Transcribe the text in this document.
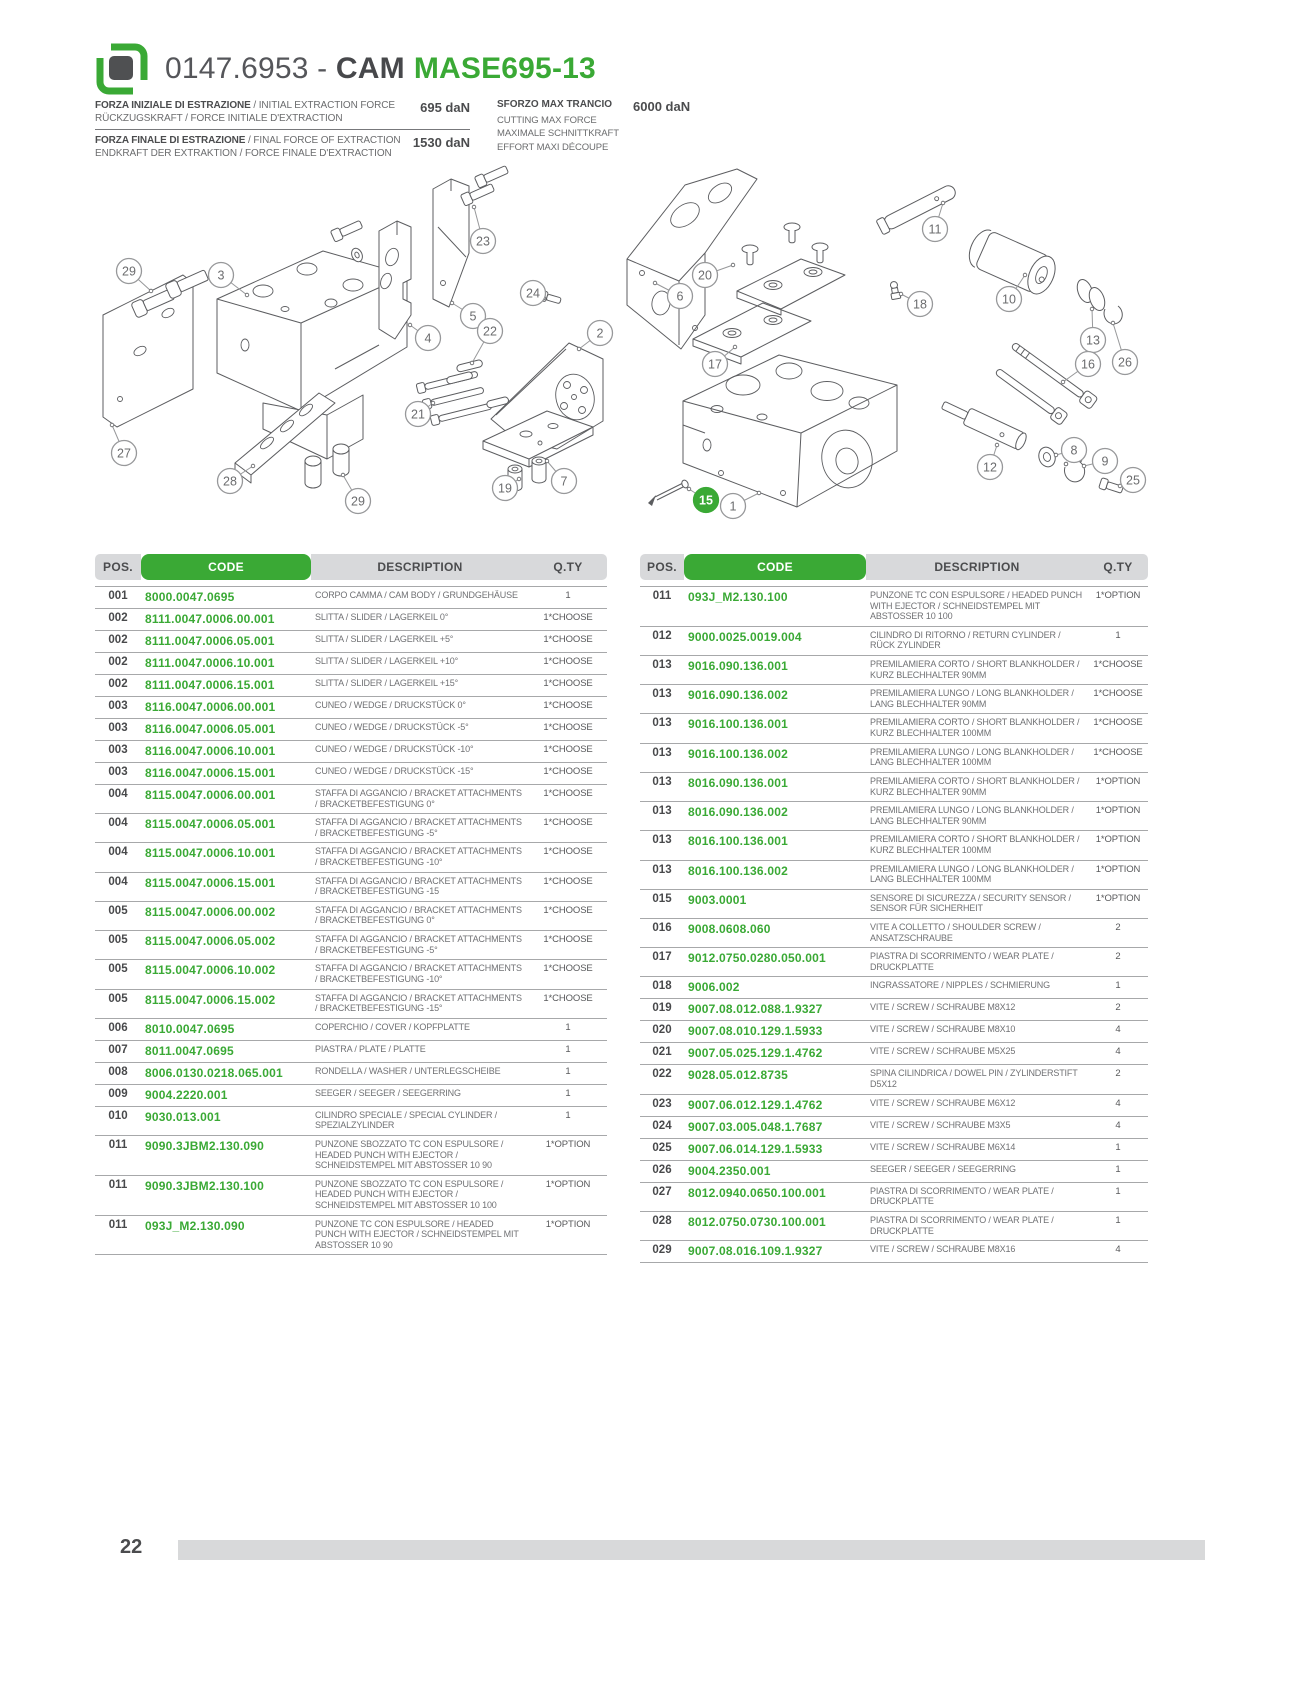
0147.6953 - CAM MASE695-13

FORZA INIZIALE DI ESTRAZIONE / INITIAL EXTRACTION FORCE

RÜCKZUGSKRAFT / FORCE INITIALE D'EXTRACTION

695 daN

FORZA FINALE DI ESTRAZIONE / FINAL FORCE OF EXTRACTION

ENDKRAFT DER EXTRAKTION / FORCE FINALE D'EXTRACTION

1530 daN
SFORZO MAX TRANCIO	6000 daN

CUTTING MAX FORCE

MAXIMALE SCHNITTKRAFT

EFFORT MAXI DÉCOUPE

29	3
23
24
5
22
4
21
2
27
28
29
19	7
6
20
17
18
11
10
13
16 26
12
8
9
25
15 1
POS.	CODE	DESCRIPTION	Q.TY

001	8000.0047.0695	CORPO CAMMA / CAM BODY / GRUNDGEHÄUSE	1
002	8111.0047.0006.00.001	SLITTA / SLIDER / LAGERKEIL 0°	1*CHOOSE
002	8111.0047.0006.05.001	SLITTA / SLIDER / LAGERKEIL +5°	1*CHOOSE
002	8111.0047.0006.10.001	SLITTA / SLIDER / LAGERKEIL +10°	1*CHOOSE
002	8111.0047.0006.15.001	SLITTA / SLIDER / LAGERKEIL +15°	1*CHOOSE
003	8116.0047.0006.00.001	CUNEO / WEDGE / DRUCKSTÜCK 0°	1*CHOOSE
003	8116.0047.0006.05.001	CUNEO / WEDGE / DRUCKSTÜCK -5°	1*CHOOSE
003	8116.0047.0006.10.001	CUNEO / WEDGE / DRUCKSTÜCK -10°	1*CHOOSE
003	8116.0047.0006.15.001	CUNEO / WEDGE / DRUCKSTÜCK -15°	1*CHOOSE
004	8115.0047.0006.00.001	STAFFA DI AGGANCIO / BRACKET ATTACHMENTS / BRACKETBEFESTIGUNG 0°	1*CHOOSE
004	8115.0047.0006.05.001	STAFFA DI AGGANCIO / BRACKET ATTACHMENTS / BRACKETBEFESTIGUNG -5°	1*CHOOSE
004	8115.0047.0006.10.001	STAFFA DI AGGANCIO / BRACKET ATTACHMENTS / BRACKETBEFESTIGUNG -10°	1*CHOOSE
004	8115.0047.0006.15.001	STAFFA DI AGGANCIO / BRACKET ATTACHMENTS / BRACKETBEFESTIGUNG -15	1*CHOOSE
005	8115.0047.0006.00.002	STAFFA DI AGGANCIO / BRACKET ATTACHMENTS / BRACKETBEFESTIGUNG 0°	1*CHOOSE
005	8115.0047.0006.05.002	STAFFA DI AGGANCIO / BRACKET ATTACHMENTS / BRACKETBEFESTIGUNG -5°	1*CHOOSE
005	8115.0047.0006.10.002	STAFFA DI AGGANCIO / BRACKET ATTACHMENTS / BRACKETBEFESTIGUNG -10°	1*CHOOSE
005	8115.0047.0006.15.002	STAFFA DI AGGANCIO / BRACKET ATTACHMENTS / BRACKETBEFESTIGUNG -15°	1*CHOOSE
006	8010.0047.0695	COPERCHIO / COVER / KOPFPLATTE	1
007	8011.0047.0695	PIASTRA / PLATE / PLATTE	1
008	8006.0130.0218.065.001	RONDELLA / WASHER / UNTERLEGSCHEIBE	1
009	9004.2220.001	SEEGER / SEEGER / SEEGERRING	1
010	9030.013.001	CILINDRO SPECIALE / SPECIAL CYLINDER / SPEZIALZYLINDER	1
011	9090.3JBM2.130.090	PUNZONE SBOZZATO TC CON ESPULSORE / HEADED PUNCH WITH EJECTOR / SCHNEIDSTEMPEL MIT ABSTOSSER 10 90	1*OPTION
011	9090.3JBM2.130.100	PUNZONE SBOZZATO TC CON ESPULSORE / HEADED PUNCH WITH EJECTOR / SCHNEIDSTEMPEL MIT ABSTOSSER 10 100	1*OPTION
011	093J_M2.130.090	PUNZONE TC CON ESPULSORE / HEADED PUNCH WITH EJECTOR / SCHNEIDSTEMPEL MIT ABSTOSSER 10 90	1*OPTION
POS.	CODE	DESCRIPTION	Q.TY

011	093J_M2.130.100	PUNZONE TC CON ESPULSORE / HEADED PUNCH WITH EJECTOR / SCHNEIDSTEMPEL MIT ABSTOSSER 10 100	1*OPTION
012	9000.0025.0019.004	CILINDRO DI RITORNO / RETURN CYLINDER / RÜCK ZYLINDER	1
013	9016.090.136.001	PREMILAMIERA CORTO / SHORT BLANKHOLDER / KURZ BLECHHALTER 90MM	1*CHOOSE
013	9016.090.136.002	PREMILAMIERA LUNGO / LONG BLANKHOLDER / LANG BLECHHALTER 90MM	1*CHOOSE
013	9016.100.136.001	PREMILAMIERA CORTO / SHORT BLANKHOLDER / KURZ BLECHHALTER 100MM	1*CHOOSE
013	9016.100.136.002	PREMILAMIERA LUNGO / LONG BLANKHOLDER / LANG BLECHHALTER 100MM	1*CHOOSE
013	8016.090.136.001	PREMILAMIERA CORTO / SHORT BLANKHOLDER / KURZ BLECHHALTER 90MM	1*OPTION
013	8016.090.136.002	PREMILAMIERA LUNGO / LONG BLANKHOLDER / LANG BLECHHALTER 90MM	1*OPTION
013	8016.100.136.001	PREMILAMIERA CORTO / SHORT BLANKHOLDER / KURZ BLECHHALTER 100MM	1*OPTION
013	8016.100.136.002	PREMILAMIERA LUNGO / LONG BLANKHOLDER / LANG BLECHHALTER 100MM	1*OPTION
015	9003.0001	SENSORE DI SICUREZZA / SECURITY SENSOR / SENSOR FÜR SICHERHEIT	1*OPTION
016	9008.0608.060	VITE A COLLETTO / SHOULDER SCREW / ANSATZSCHRAUBE	2
017	9012.0750.0280.050.001	PIASTRA DI SCORRIMENTO / WEAR PLATE / DRUCKPLATTE	2
018	9006.002	INGRASSATORE / NIPPLES / SCHMIERUNG	1
019	9007.08.012.088.1.9327	VITE / SCREW / SCHRAUBE M8X12	2
020	9007.08.010.129.1.5933	VITE / SCREW / SCHRAUBE M8X10	4
021	9007.05.025.129.1.4762	VITE / SCREW / SCHRAUBE M5X25	4
022	9028.05.012.8735	SPINA CILINDRICA / DOWEL PIN / ZYLINDERSTIFT D5X12	2
023	9007.06.012.129.1.4762	VITE / SCREW / SCHRAUBE M6X12	4
024	9007.03.005.048.1.7687	VITE / SCREW / SCHRAUBE M3X5	4
025	9007.06.014.129.1.5933	VITE / SCREW / SCHRAUBE M6X14	1
026	9004.2350.001	SEEGER / SEEGER / SEEGERRING	1
027	8012.0940.0650.100.001	PIASTRA DI SCORRIMENTO / WEAR PLATE / DRUCKPLATTE	1
028	8012.0750.0730.100.001	PIASTRA DI SCORRIMENTO / WEAR PLATE / DRUCKPLATTE	1
029	9007.08.016.109.1.9327	VITE / SCREW / SCHRAUBE M8X16	4
22
